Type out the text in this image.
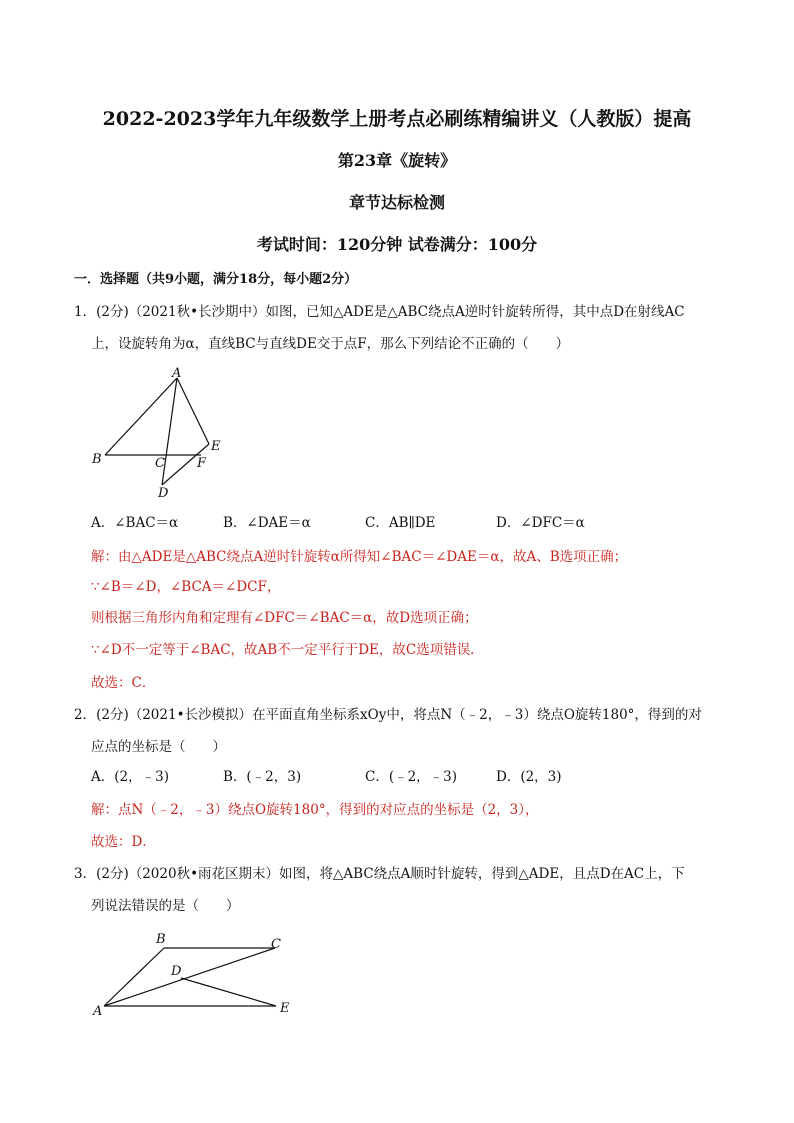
2022-2023学年九年级数学上册考点必刷练精编讲义（人教版）提高
第23章《旋转》
章节达标检测
考试时间：120分钟 试卷满分：100分
一．选择题（共9小题，满分18分，每小题2分）
1．(2分)（2021秋•长沙期中）如图，已知△ADE是△ABC绕点A逆时针旋转所得，其中点D在射线AC
上，设旋转角为α，直线BC与直线DE交于点F，那么下列结论不正确的（　　）
A
B	C
D
E
F
A．∠BAC＝α	B．∠DAE＝α	C．AB∥DE	D．∠DFC＝α
解：由△ADE是△ABC绕点A逆时针旋转α所得知∠BAC＝∠DAE＝α，故A、B选项正确；
∵∠B＝∠D，∠BCA＝∠DCF，
则根据三角形内角和定理有∠DFC＝∠BAC＝α，故D选项正确；
∵∠D不一定等于∠BAC，故AB不一定平行于DE，故C选项错误．
故选：C．
2．(2分)（2021•长沙模拟）在平面直角坐标系xOy中，将点N（﹣2，﹣3）绕点O旋转180°，得到的对
应点的坐标是（　　）
A．(2，﹣3)	B．(﹣2，3)	C．(﹣2，﹣3)	D．(2，3)
解：点N（﹣2，﹣3）绕点O旋转180°，得到的对应点的坐标是（2，3），
故选：D．
3．(2分)（2020秋•雨花区期末）如图，将△ABC绕点A顺时针旋转，得到△ADE，且点D在AC上，下
列说法错误的是（　　）
B	C
D
A	E
